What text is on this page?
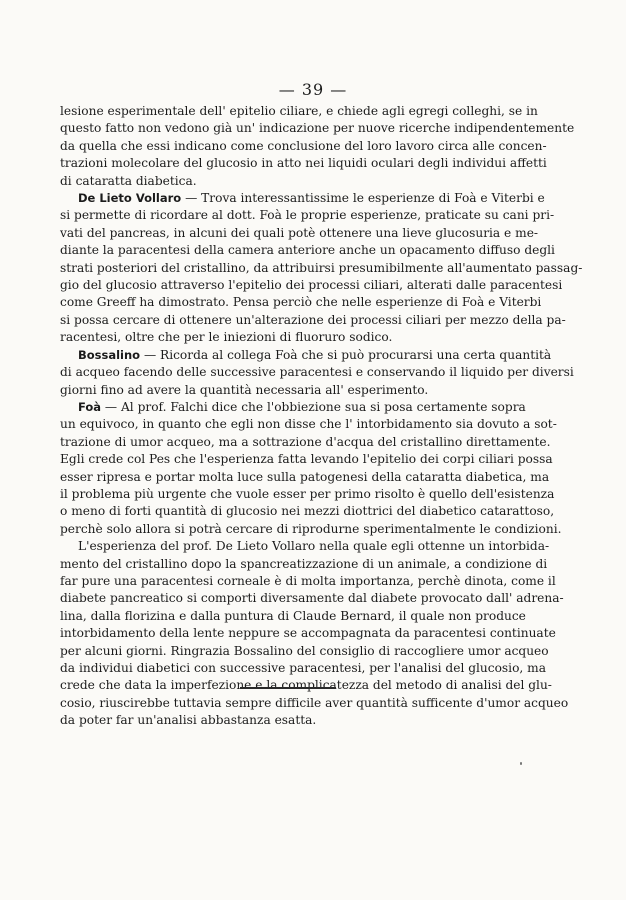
— 39 —
lesione esperimentale dell' epitelio ciliare, e chiede agli egregi colleghi, se in
questo fatto non vedono già un' indicazione per nuove ricerche indipendentemente
da quella che essi indicano come conclusione del loro lavoro circa alle concen-
trazioni molecolare del glucosio in atto nei liquidi oculari degli individui affetti
di cataratta diabetica.
De Lieto Vollaro — Trova interessantissime le esperienze di Foà e Viterbi e
si permette di ricordare al dott. Foà le proprie esperienze, praticate su cani pri-
vati del pancreas, in alcuni dei quali potè ottenere una lieve glucosuria e me-
diante la paracentesi della camera anteriore anche un opacamento diffuso degli
strati posteriori del cristallino, da attribuirsi presumibilmente all'aumentato passag-
gio del glucosio attraverso l'epitelio dei processi ciliari, alterati dalle paracentesi
come Greeff ha dimostrato. Pensa perciò che nelle esperienze di Foà e Viterbi
si possa cercare di ottenere un'alterazione dei processi ciliari per mezzo della pa-
racentesi, oltre che per le iniezioni di fluoruro sodico.
Bossalino — Ricorda al collega Foà che si può procurarsi una certa quantità
di acqueo facendo delle successive paracentesi e conservando il liquido per diversi
giorni fino ad avere la quantità necessaria all' esperimento.
Foà — Al prof. Falchi dice che l'obbiezione sua si posa certamente sopra
un equivoco, in quanto che egli non disse che l' intorbidamento sia dovuto a sot-
trazione di umor acqueo, ma a sottrazione d'acqua del cristallino direttamente.
Egli crede col Pes che l'esperienza fatta levando l'epitelio dei corpi ciliari possa
esser ripresa e portar molta luce sulla patogenesi della cataratta diabetica, ma
il problema più urgente che vuole esser per primo risolto è quello dell'esistenza
o meno di forti quantità di glucosio nei mezzi diottrici del diabetico catarattoso,
perchè solo allora si potrà cercare di riprodurne sperimentalmente le condizioni.
L'esperienza del prof. De Lieto Vollaro nella quale egli ottenne un intorbida-
mento del cristallino dopo la spancreatizzazione di un animale, a condizione di
far pure una paracentesi corneale è di molta importanza, perchè dinota, come il
diabete pancreatico si comporti diversamente dal diabete provocato dall' adrena-
lina, dalla florizina e dalla puntura di Claude Bernard, il quale non produce
intorbidamento della lente neppure se accompagnata da paracentesi continuate
per alcuni giorni. Ringrazia Bossalino del consiglio di raccogliere umor acqueo
da individui diabetici con successive paracentesi, per l'analisi del glucosio, ma
crede che data la imperfezione e la complicatezza del metodo di analisi del glu-
cosio, riuscirebbe tuttavia sempre difficile aver quantità sufficente d'umor acqueo
da poter far un'analisi abbastanza esatta.
